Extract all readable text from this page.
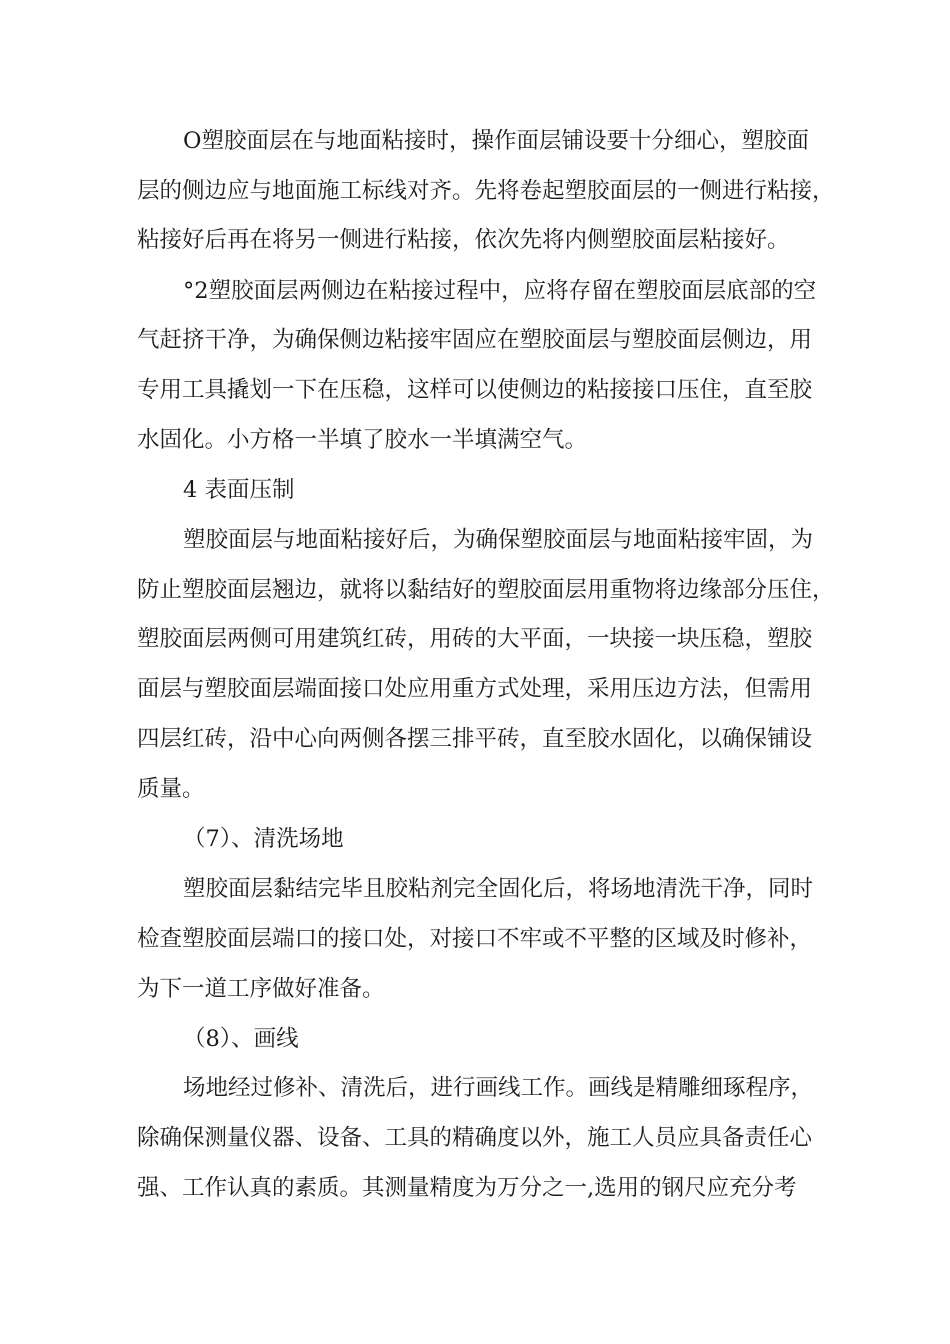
O塑胶面层在与地面粘接时，操作面层铺设要十分细心，塑胶面
层的侧边应与地面施工标线对齐。先将卷起塑胶面层的一侧进行粘接，
粘接好后再在将另一侧进行粘接，依次先将内侧塑胶面层粘接好。
°2塑胶面层两侧边在粘接过程中，应将存留在塑胶面层底部的空
气赶挤干净，为确保侧边粘接牢固应在塑胶面层与塑胶面层侧边，用
专用工具撬划一下在压稳，这样可以使侧边的粘接接口压住，直至胶
水固化。小方格一半填了胶水一半填满空气。
4 表面压制
塑胶面层与地面粘接好后，为确保塑胶面层与地面粘接牢固，为
防止塑胶面层翘边，就将以黏结好的塑胶面层用重物将边缘部分压住，
塑胶面层两侧可用建筑红砖，用砖的大平面，一块接一块压稳，塑胶
面层与塑胶面层端面接口处应用重方式处理，采用压边方法，但需用
四层红砖，沿中心向两侧各摆三排平砖，直至胶水固化，以确保铺设
质量。
（7）、清洗场地
塑胶面层黏结完毕且胶粘剂完全固化后，将场地清洗干净，同时
检查塑胶面层端口的接口处，对接口不牢或不平整的区域及时修补，
为下一道工序做好准备。
（8）、画线
场地经过修补、清洗后，进行画线工作。画线是精雕细琢程序，
除确保测量仪器、设备、工具的精确度以外，施工人员应具备责任心
强、工作认真的素质。其测量精度为万分之一,选用的钢尺应充分考
